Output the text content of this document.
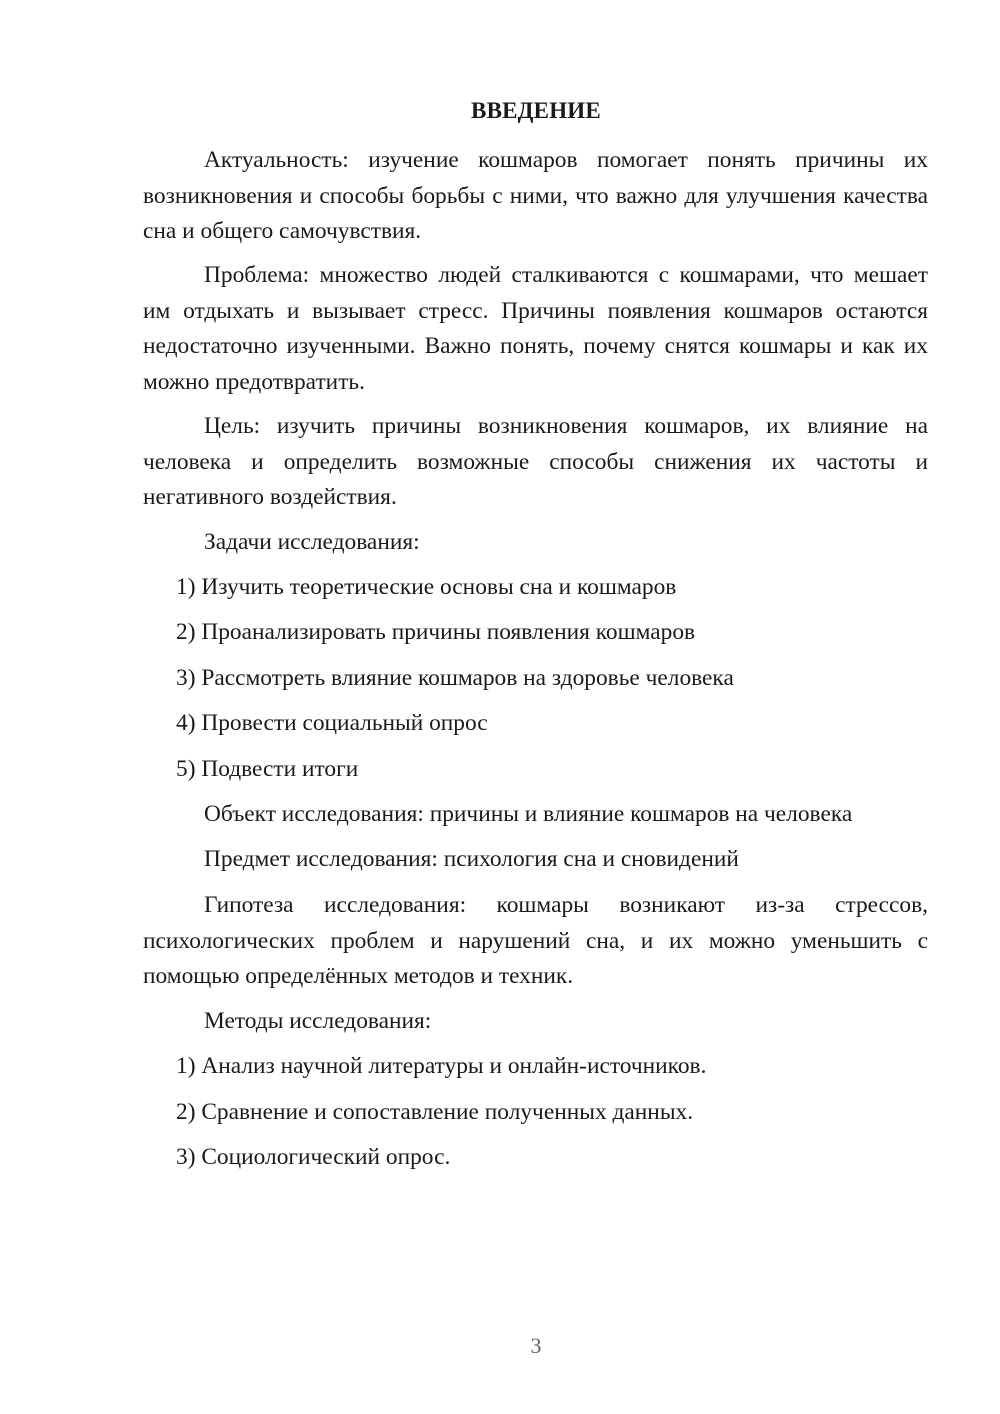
ВВЕДЕНИЕ

Актуальность: изучение кошмаров помогает понять причины их возникновения и способы борьбы с ними, что важно для улучшения качества сна и общего самочувствия.

Проблема: множество людей сталкиваются с кошмарами, что мешает им отдыхать и вызывает стресс. Причины появления кошмаров остаются недостаточно изученными. Важно понять, почему снятся кошмары и как их можно предотвратить.

Цель: изучить причины возникновения кошмаров, их влияние на человека и определить возможные способы снижения их частоты и негативного воздействия.

Задачи исследования:

1) Изучить теоретические основы сна и кошмаров

2) Проанализировать причины появления кошмаров

3) Рассмотреть влияние кошмаров на здоровье человека

4) Провести социальный опрос

5) Подвести итоги

Объект исследования: причины и влияние кошмаров на человека

Предмет исследования: психология сна и сновидений

Гипотеза исследования: кошмары возникают из-за стрессов, психологических проблем и нарушений сна, и их можно уменьшить с помощью определённых методов и техник.

Методы исследования:

1) Анализ научной литературы и онлайн-источников.

2) Сравнение и сопоставление полученных данных.

3) Социологический опрос.

3
